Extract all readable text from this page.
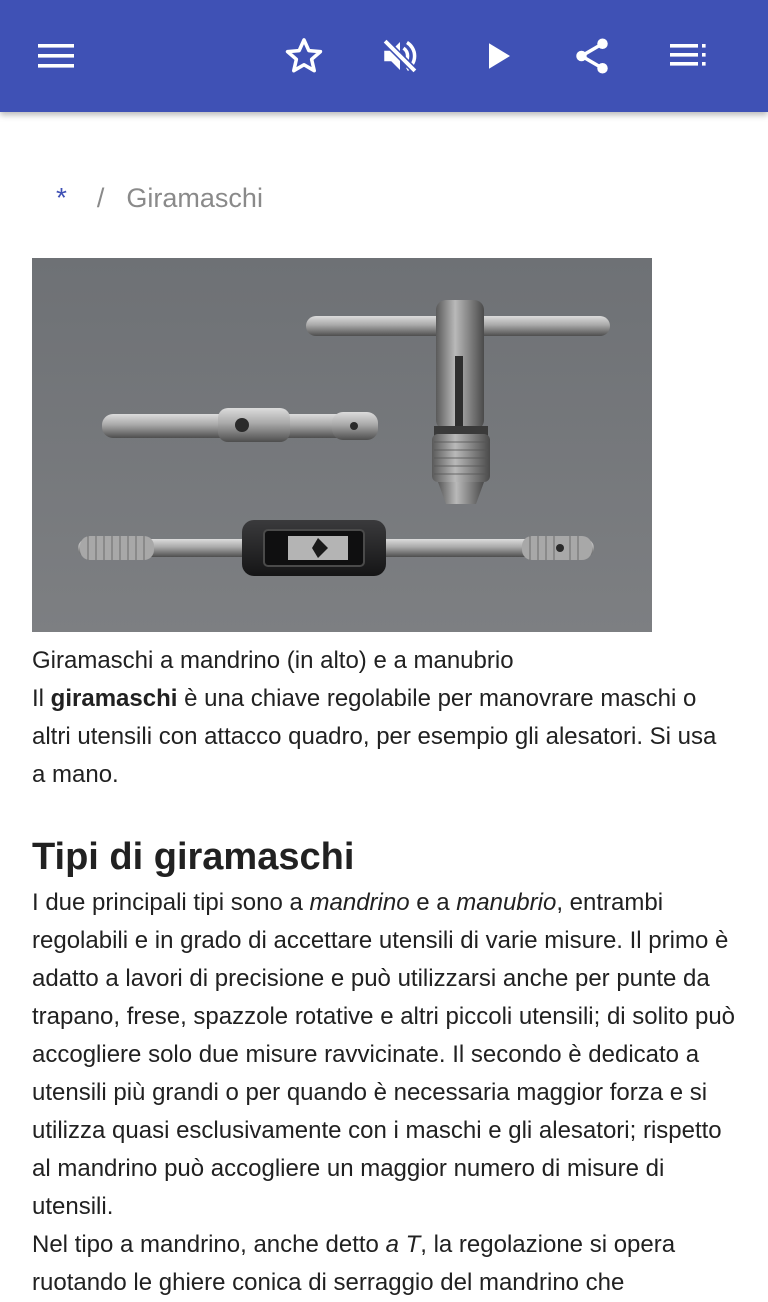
* / Giramaschi
Giramaschi a mandrino (in alto) e a manubrio
Il giramaschi è una chiave regolabile per manovrare maschi o altri utensili con attacco quadro, per esempio gli alesatori. Si usa a mano.
Tipi di giramaschi

I due principali tipi sono a mandrino e a manubrio, entrambi regolabili e in grado di accettare utensili di varie misure. Il primo è adatto a lavori di precisione e può utilizzarsi anche per punte da trapano, frese, spazzole rotative e altri piccoli utensili; di solito può accogliere solo due misure ravvicinate. Il secondo è dedicato a utensili più grandi o per quando è necessaria maggior forza e si utilizza quasi esclusivamente con i maschi e gli alesatori; rispetto al mandrino può accogliere un maggior numero di misure di utensili.

Nel tipo a mandrino, anche detto a T, la regolazione si opera ruotando le ghiere conica di serraggio del mandrino che
